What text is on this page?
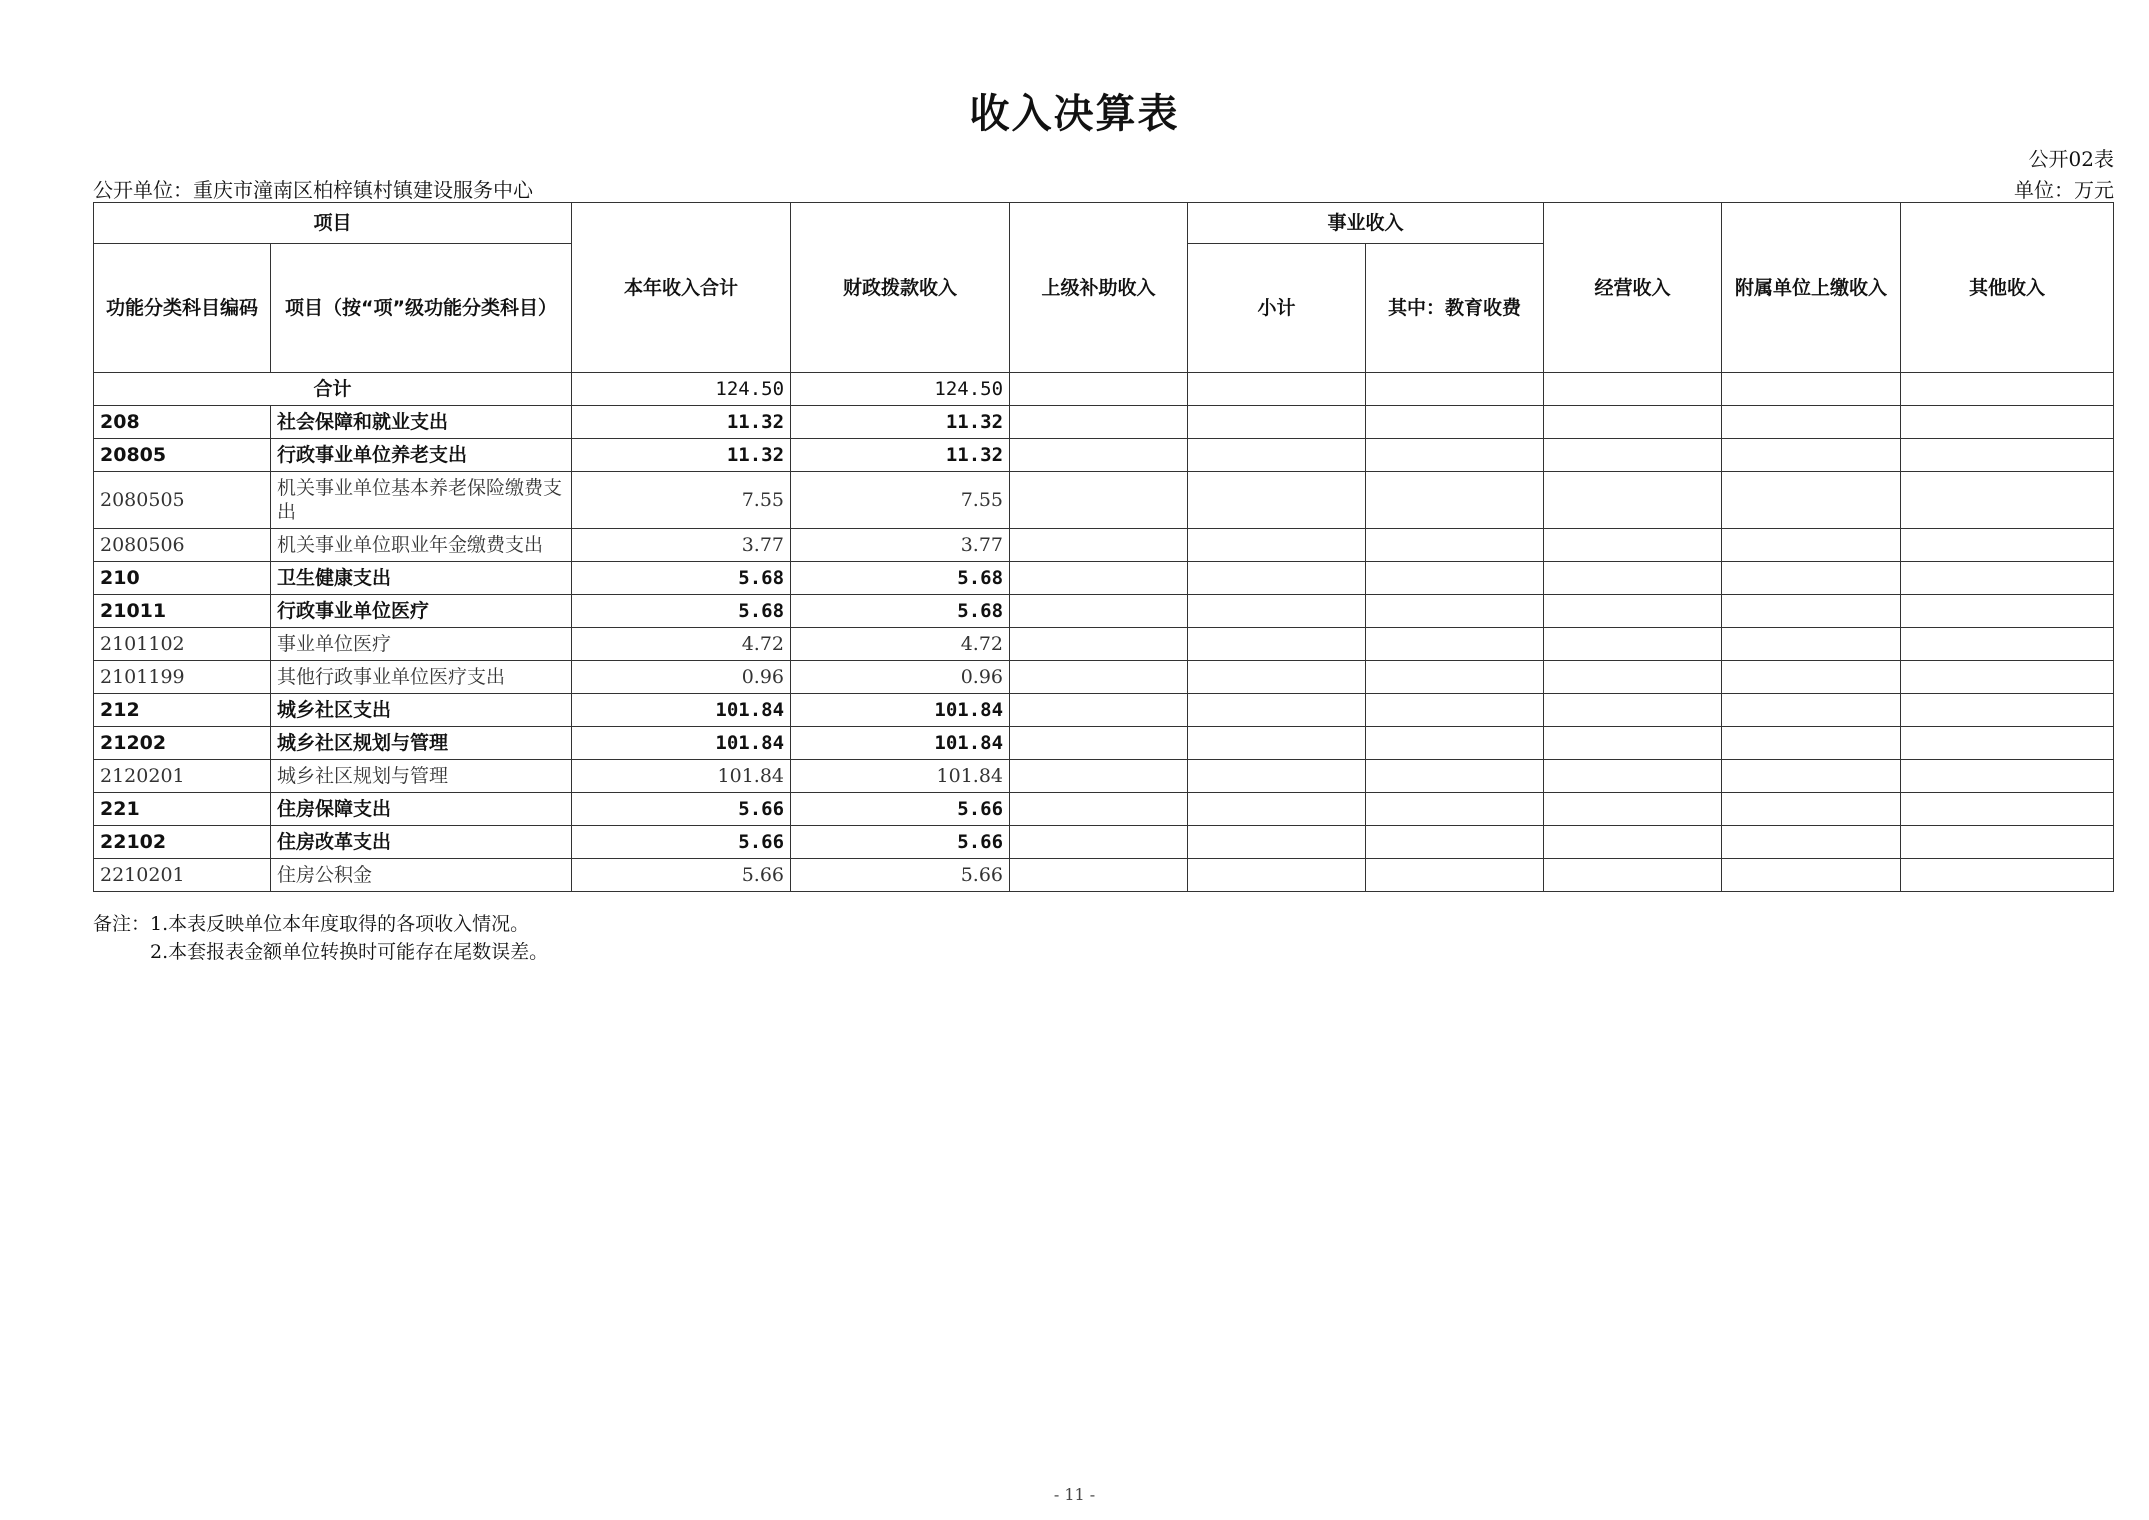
收入决算表
公开02表
公开单位：重庆市潼南区柏梓镇村镇建设服务中心	单位：万元
项目		本年收入合计	财政拨款收入	上级补助收入	事业收入		经营收入	附属单位上缴收入	其他收入
功能分类科目编码	项目（按“项”级功能分类科目）				小计	其中：教育收费			
合计		124.50	124.50						
208	社会保障和就业支出	11.32	11.32						
20805	行政事业单位养老支出	11.32	11.32						
2080505	机关事业单位基本养老保险缴费支出	7.55	7.55						
2080506	机关事业单位职业年金缴费支出	3.77	3.77						
210	卫生健康支出	5.68	5.68						
21011	行政事业单位医疗	5.68	5.68						
2101102	事业单位医疗	4.72	4.72						
2101199	其他行政事业单位医疗支出	0.96	0.96						
212	城乡社区支出	101.84	101.84						
21202	城乡社区规划与管理	101.84	101.84						
2120201	城乡社区规划与管理	101.84	101.84						
221	住房保障支出	5.66	5.66						
22102	住房改革支出	5.66	5.66						
2210201	住房公积金	5.66	5.66						
备注：1.本表反映单位本年度取得的各项收入情况。
2.本套报表金额单位转换时可能存在尾数误差。
- 11 -
